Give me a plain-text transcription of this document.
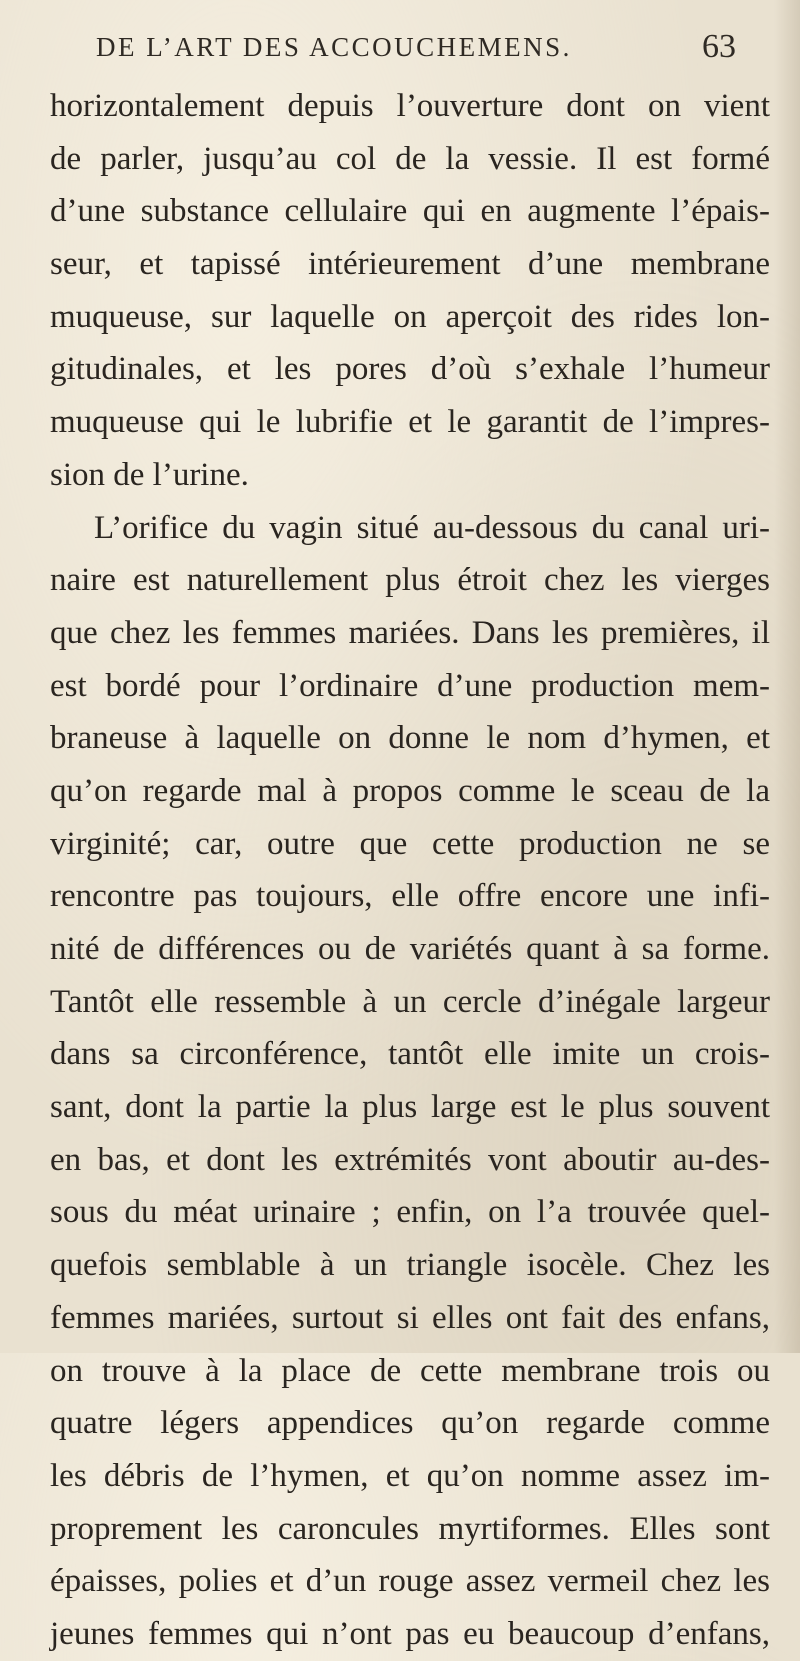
DE L’ART DES ACCOUCHEMENS.	63
horizontalement depuis l’ouverture dont on vient
de parler, jusqu’au col de la vessie. Il est formé
d’une substance cellulaire qui en augmente l’épais-
seur, et tapissé intérieurement d’une membrane
muqueuse, sur laquelle on aperçoit des rides lon-
gitudinales, et les pores d’où s’exhale l’humeur
muqueuse qui le lubrifie et le garantit de l’impres-
sion de l’urine.
L’orifice du vagin situé au-dessous du canal uri-
naire est naturellement plus étroit chez les vierges
que chez les femmes mariées. Dans les premières, il
est bordé pour l’ordinaire d’une production mem-
braneuse à laquelle on donne le nom d’hymen, et
qu’on regarde mal à propos comme le sceau de la
virginité; car, outre que cette production ne se
rencontre pas toujours, elle offre encore une infi-
nité de différences ou de variétés quant à sa forme.
Tantôt elle ressemble à un cercle d’inégale largeur
dans sa circonférence, tantôt elle imite un crois-
sant, dont la partie la plus large est le plus souvent
en bas, et dont les extrémités vont aboutir au-des-
sous du méat urinaire ; enfin, on l’a trouvée quel-
quefois semblable à un triangle isocèle. Chez les
femmes mariées, surtout si elles ont fait des enfans,
on trouve à la place de cette membrane trois ou
quatre légers appendices qu’on regarde comme
les débris de l’hymen, et qu’on nomme assez im-
proprement les caroncules myrtiformes. Elles sont
épaisses, polies et d’un rouge assez vermeil chez les
jeunes femmes qui n’ont pas eu beaucoup d’enfans,
